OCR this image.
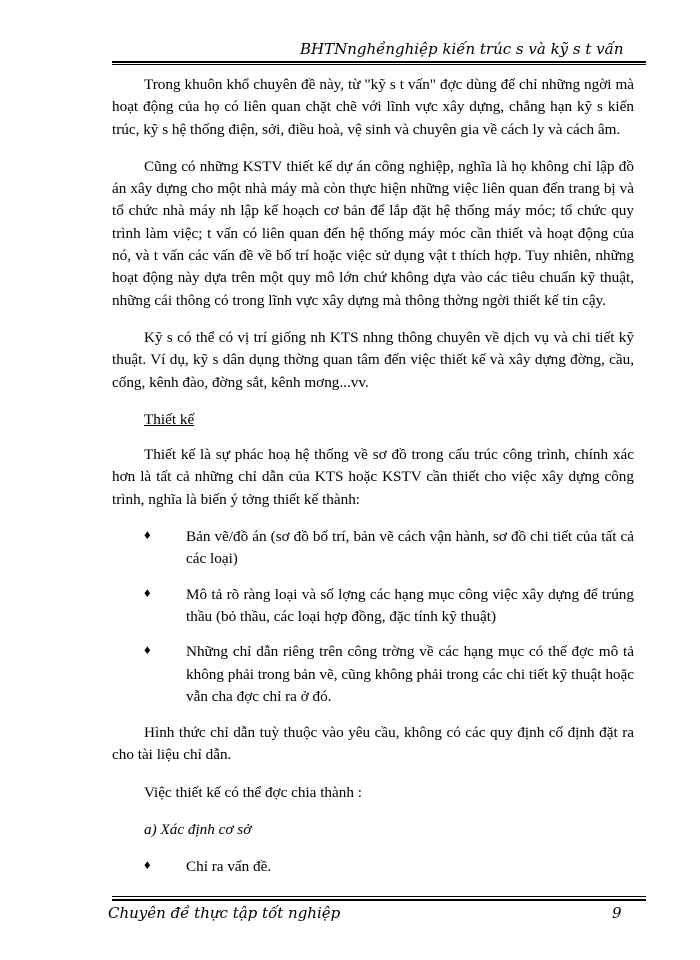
BHTNnghềnghiệp kiến trúc s và kỹ s t vấn

Trong khuôn khổ chuyên đề này, từ "kỹ s t vấn" đợc dùng để chỉ những ngời mà hoạt động của họ có liên quan chặt chẽ với lĩnh vực xây dựng, chẳng hạn kỹ s kiến trúc, kỹ s hệ thống điện, sởi, điều hoà, vệ sinh và chuyên gia về cách ly và cách âm.

Cũng có những KSTV thiết kế dự án công nghiệp, nghĩa là họ không chỉ lập đồ án xây dựng cho một nhà máy mà còn thực hiện những việc liên quan đến trang bị và tổ chức nhà máy nh lập kế hoạch cơ bản để lắp đặt hệ thống máy móc; tổ chức quy trình làm việc; t vấn có liên quan đến hệ thống máy móc cần thiết và hoạt động của nó, và t vấn các vấn đề về bố trí hoặc việc sử dụng vật t thích hợp. Tuy nhiên, những hoạt động này dựa trên một quy mô lớn chứ không dựa vào các tiêu chuẩn kỹ thuật, những cái thông có trong lĩnh vực xây dựng mà thông thờng ngời thiết kế tin cậy.

Kỹ s có thể có vị trí giống nh KTS nhng thông chuyên về dịch vụ và chi tiết kỹ thuật. Ví dụ, kỹ s dân dụng thờng quan tâm đến việc thiết kế và xây dựng đờng, cầu, cống, kênh đào, đờng sắt, kênh mơng...vv.

Thiết kế

Thiết kế là sự phác hoạ hệ thống về sơ đồ trong cấu trúc công trình, chính xác hơn là tất cả những chỉ dẫn của KTS hoặc KSTV cần thiết cho việc xây dựng công trình, nghĩa là biến ý tởng thiết kế thành:

♦ Bản vẽ/đồ án (sơ đồ bố trí, bản vẽ cách vận hành, sơ đồ chi tiết của tất cả các loại)
♦ Mô tả rõ ràng loại và số lợng các hạng mục công việc xây dựng để trúng thầu (bỏ thầu, các loại hợp đồng, đặc tính kỹ thuật)
♦ Những chỉ dẫn riêng trên công trờng về các hạng mục có thể đợc mô tả không phải trong bản vẽ, cũng không phải trong các chi tiết kỹ thuật hoặc vẫn cha đợc chỉ ra ở đó.

Hình thức chỉ dẫn tuỳ thuộc vào yêu cầu, không có các quy định cố định đặt ra cho tài liệu chỉ dẫn.

Việc thiết kế có thể đợc chia thành :

a) Xác định cơ sở

♦ Chỉ ra vấn đề.
Chuyên đề thực tập tốt nghiệp	9
